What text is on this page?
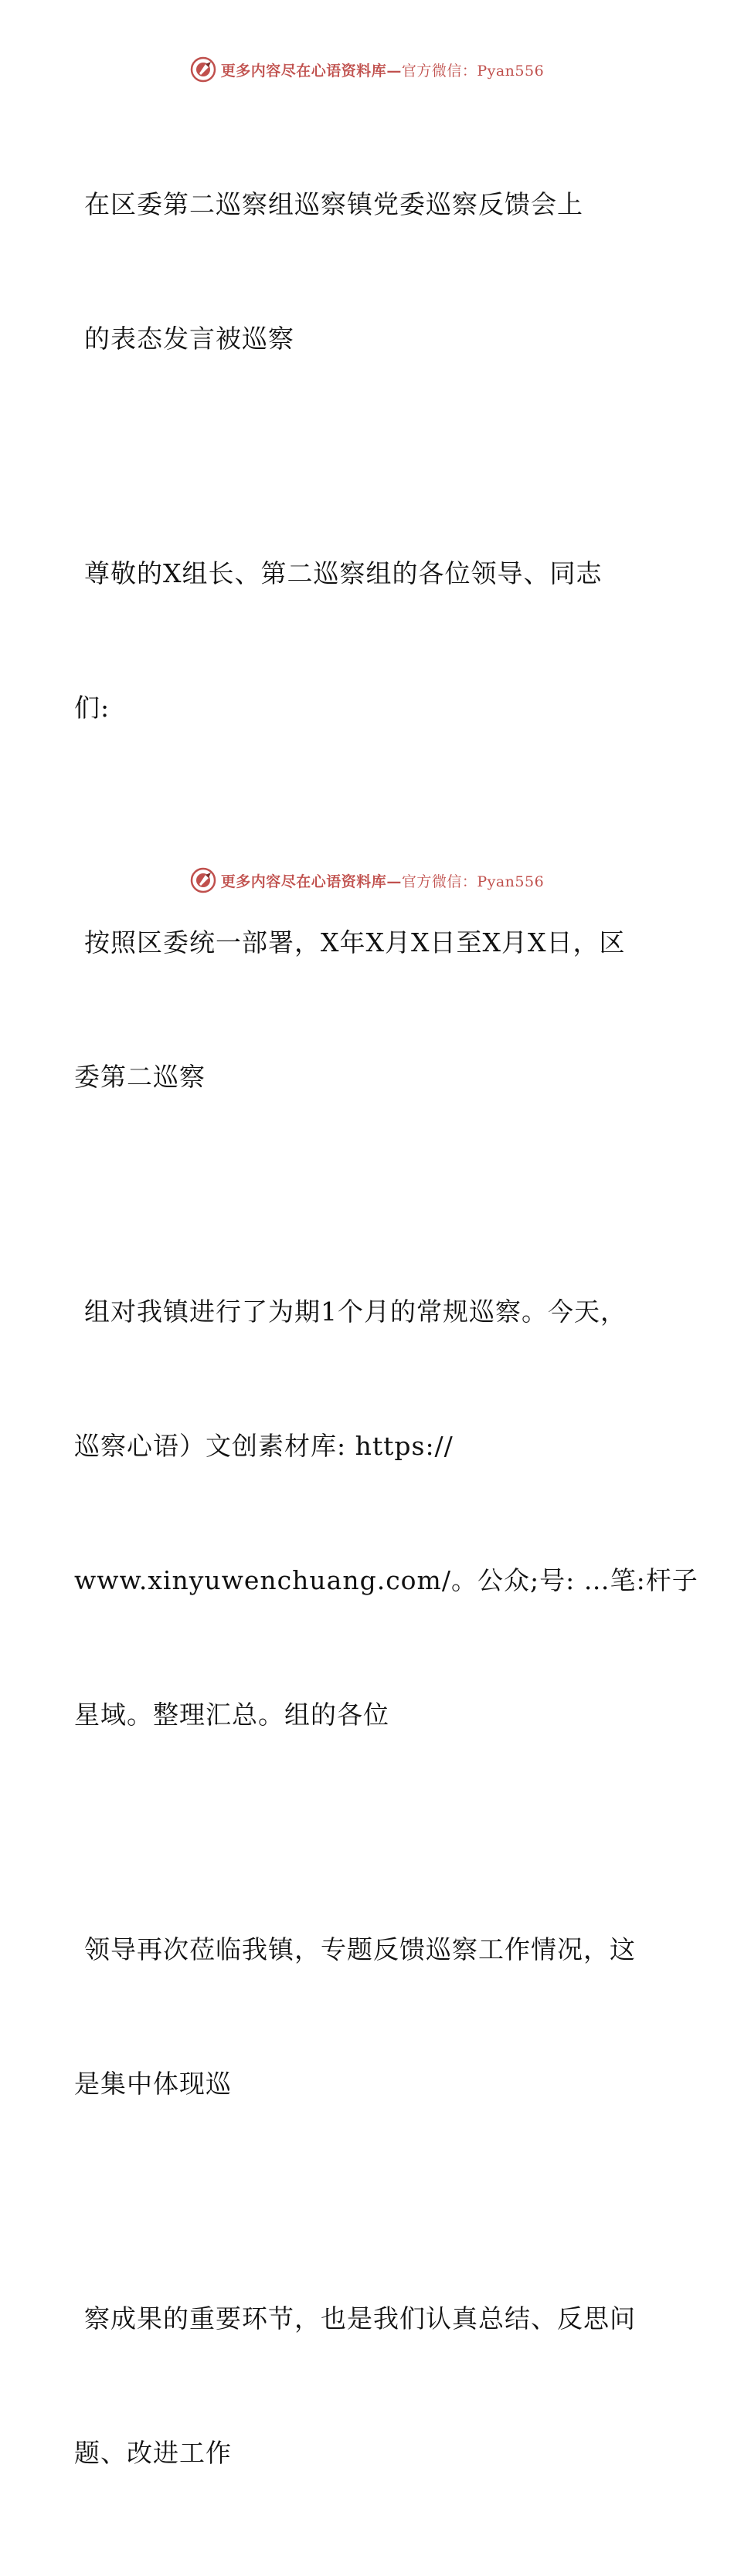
更多内容尽在心语资料库—官方微信：Pyan556

在区委第二巡察组巡察镇党委巡察反馈会上

的表态发言被巡察

尊敬的X组长、第二巡察组的各位领导、同志

们:

按照区委统一部署，X年X月X日至X月X日，区

委第二巡察

组对我镇进行了为期1个月的常规巡察。今天，

巡察心语）文创素材库: https://

www.xinyuwenchuang.com/。公众;号: …笔:杆子

星域。整理汇总。组的各位

领导再次莅临我镇，专题反馈巡察工作情况，这

是集中体现巡

察成果的重要环节，也是我们认真总结、反思问

题、改进工作

更多内容尽在心语资料库—官方微信：Pyan556
